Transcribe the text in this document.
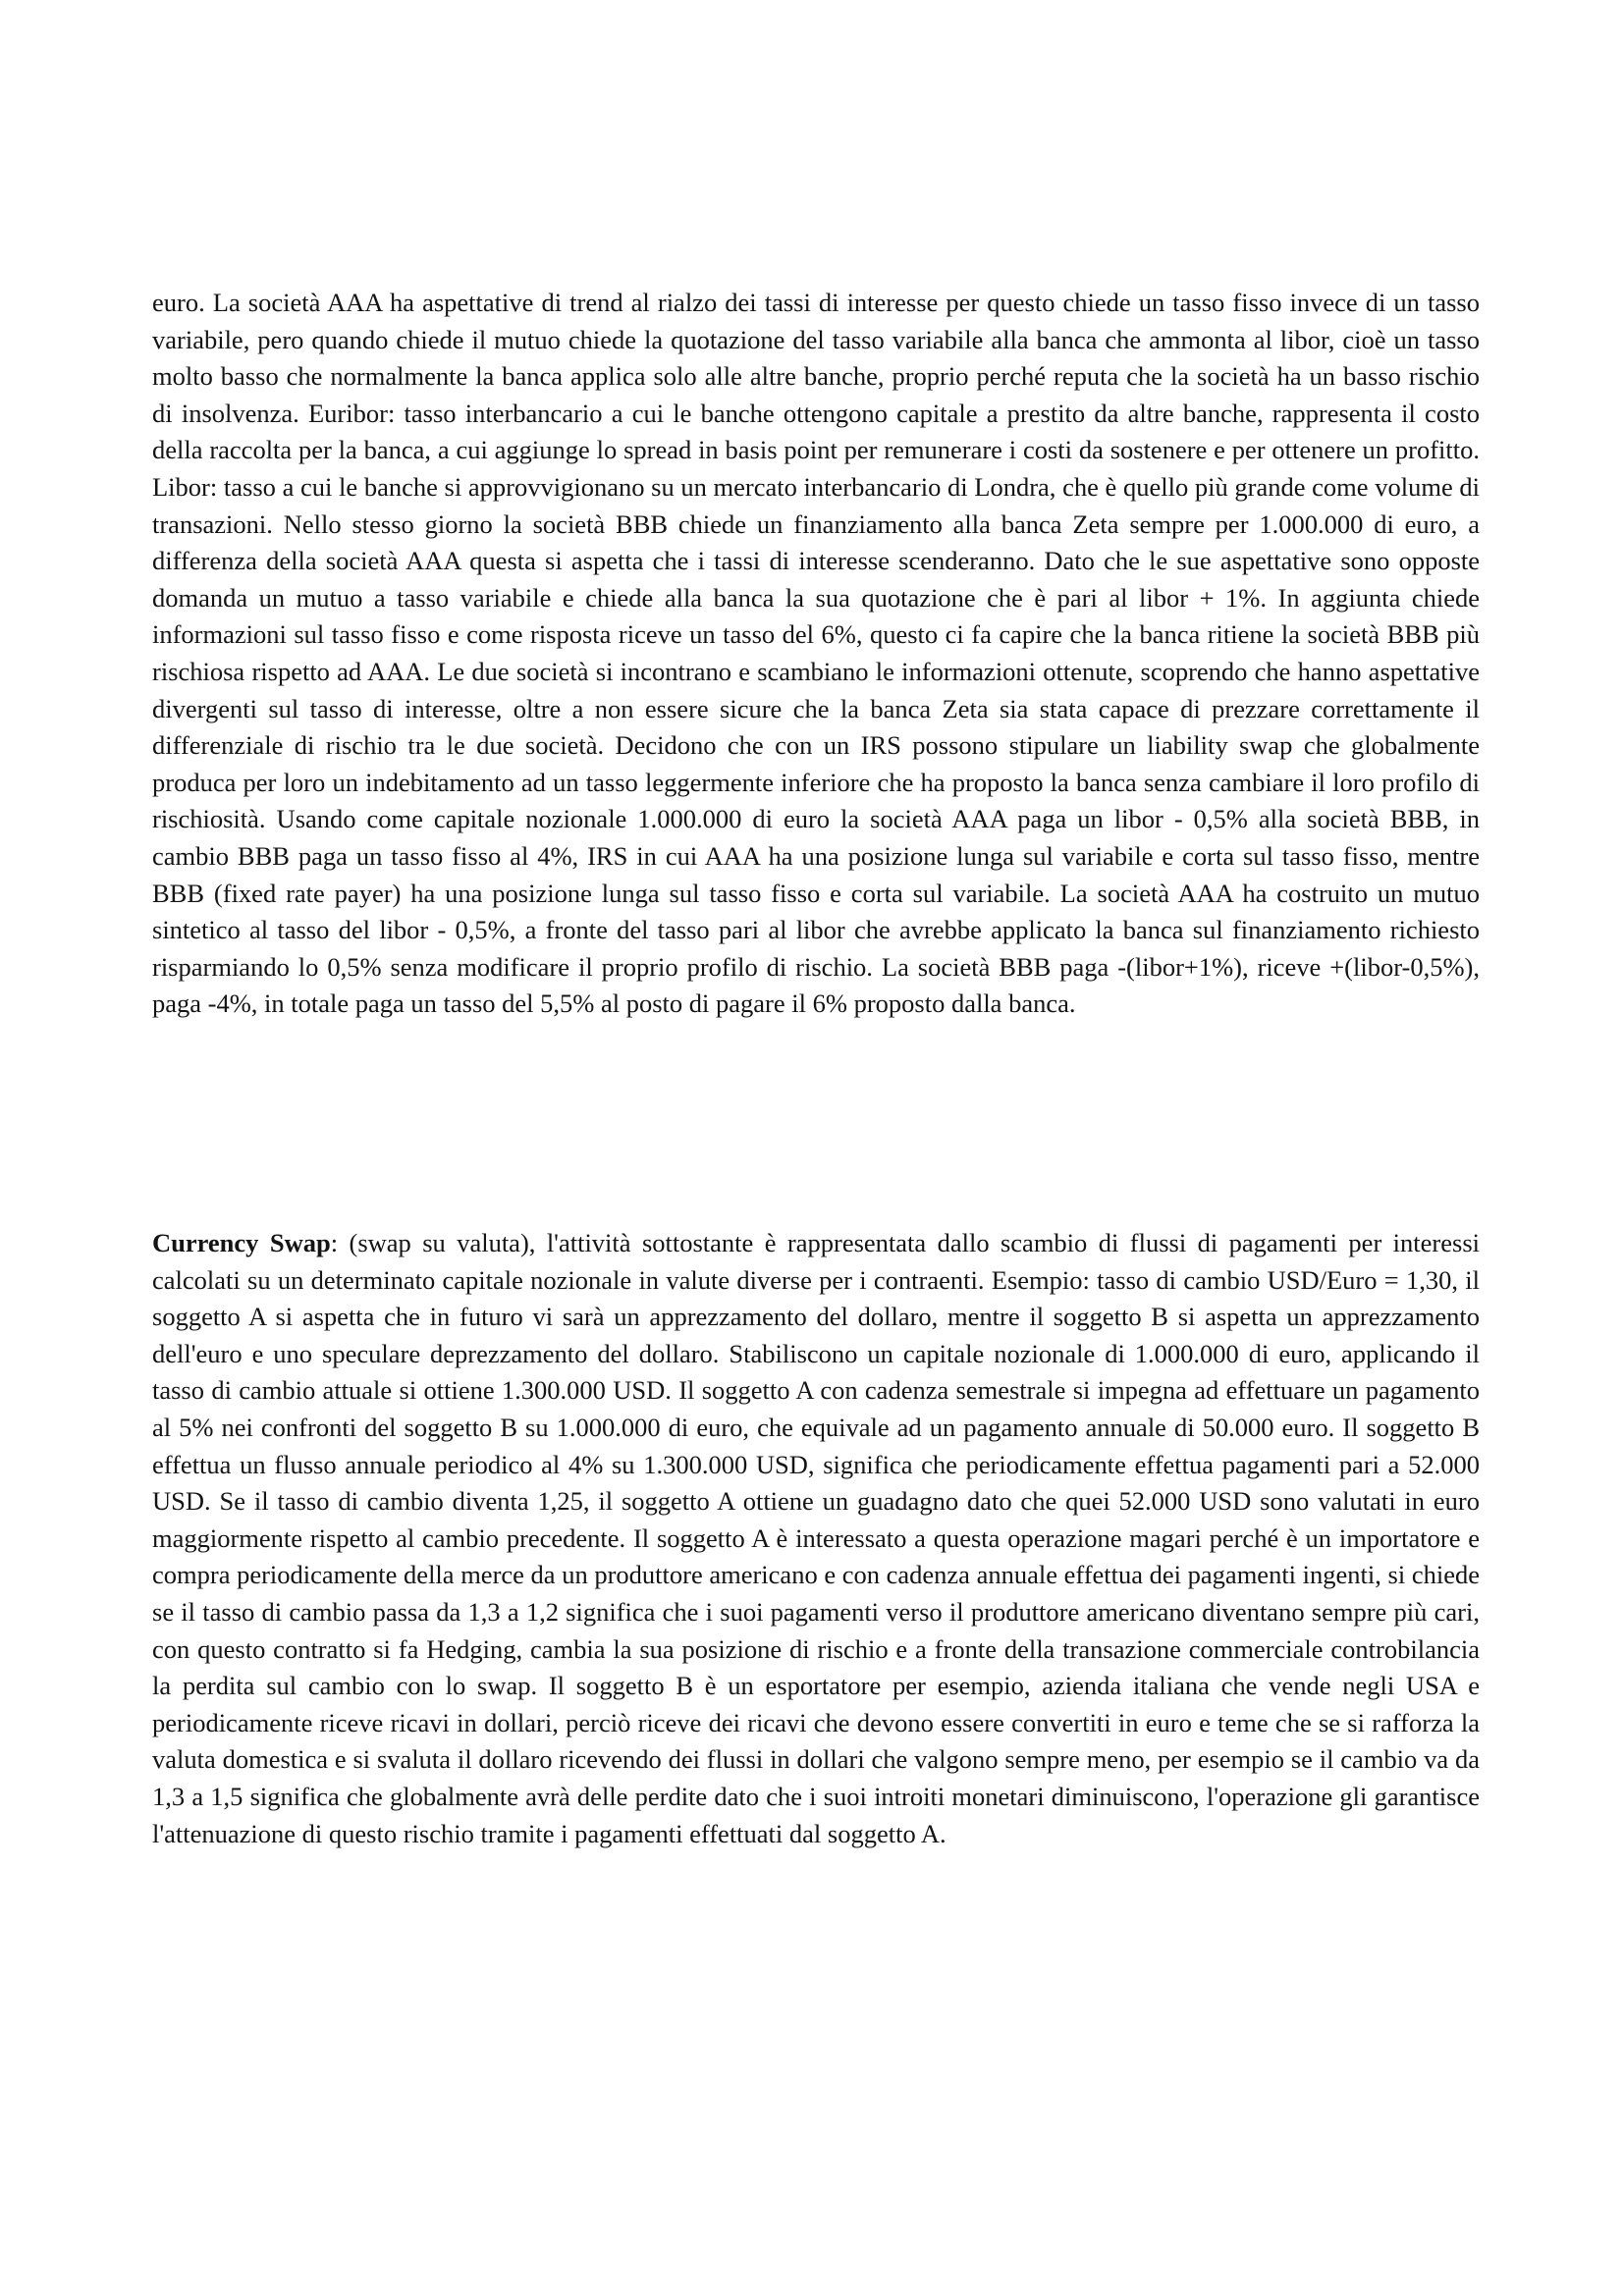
euro. La società AAA ha aspettative di trend al rialzo dei tassi di interesse per questo chiede un tasso fisso invece di un tasso variabile, pero quando chiede il mutuo chiede la quotazione del tasso variabile alla banca che ammonta al libor, cioè un tasso molto basso che normalmente la banca applica solo alle altre banche, proprio perché reputa che la società ha un basso rischio di insolvenza. Euribor: tasso interbancario a cui le banche ottengono capitale a prestito da altre banche, rappresenta il costo della raccolta per la banca, a cui aggiunge lo spread in basis point per remunerare i costi da sostenere e per ottenere un profitto. Libor: tasso a cui le banche si approvvigionano su un mercato interbancario di Londra, che è quello più grande come volume di transazioni. Nello stesso giorno la società BBB chiede un finanziamento alla banca Zeta sempre per 1.000.000 di euro, a differenza della società AAA questa si aspetta che i tassi di interesse scenderanno. Dato che le sue aspettative sono opposte domanda un mutuo a tasso variabile e chiede alla banca la sua quotazione che è pari al libor + 1%. In aggiunta chiede informazioni sul tasso fisso e come risposta riceve un tasso del 6%, questo ci fa capire che la banca ritiene la società BBB più rischiosa rispetto ad AAA. Le due società si incontrano e scambiano le informazioni ottenute, scoprendo che hanno aspettative divergenti sul tasso di interesse, oltre a non essere sicure che la banca Zeta sia stata capace di prezzare correttamente il differenziale di rischio tra le due società. Decidono che con un IRS possono stipulare un liability swap che globalmente produca per loro un indebitamento ad un tasso leggermente inferiore che ha proposto la banca senza cambiare il loro profilo di rischiosità. Usando come capitale nozionale 1.000.000 di euro la società AAA paga un libor - 0,5% alla società BBB, in cambio BBB paga un tasso fisso al 4%, IRS in cui AAA ha una posizione lunga sul variabile e corta sul tasso fisso, mentre BBB (fixed rate payer) ha una posizione lunga sul tasso fisso e corta sul variabile. La società AAA ha costruito un mutuo sintetico al tasso del libor - 0,5%, a fronte del tasso pari al libor che avrebbe applicato la banca sul finanziamento richiesto risparmiando lo 0,5% senza modificare il proprio profilo di rischio. La società BBB paga -(libor+1%), riceve +(libor-0,5%), paga -4%, in totale paga un tasso del 5,5% al posto di pagare il 6% proposto dalla banca.

Currency Swap: (swap su valuta), l'attività sottostante è rappresentata dallo scambio di flussi di pagamenti per interessi calcolati su un determinato capitale nozionale in valute diverse per i contraenti. Esempio: tasso di cambio USD/Euro = 1,30, il soggetto A si aspetta che in futuro vi sarà un apprezzamento del dollaro, mentre il soggetto B si aspetta un apprezzamento dell'euro e uno speculare deprezzamento del dollaro. Stabiliscono un capitale nozionale di 1.000.000 di euro, applicando il tasso di cambio attuale si ottiene 1.300.000 USD. Il soggetto A con cadenza semestrale si impegna ad effettuare un pagamento al 5% nei confronti del soggetto B su 1.000.000 di euro, che equivale ad un pagamento annuale di 50.000 euro. Il soggetto B effettua un flusso annuale periodico al 4% su 1.300.000 USD, significa che periodicamente effettua pagamenti pari a 52.000 USD. Se il tasso di cambio diventa 1,25, il soggetto A ottiene un guadagno dato che quei 52.000 USD sono valutati in euro maggiormente rispetto al cambio precedente. Il soggetto A è interessato a questa operazione magari perché è un importatore e compra periodicamente della merce da un produttore americano e con cadenza annuale effettua dei pagamenti ingenti, si chiede se il tasso di cambio passa da 1,3 a 1,2 significa che i suoi pagamenti verso il produttore americano diventano sempre più cari, con questo contratto si fa Hedging, cambia la sua posizione di rischio e a fronte della transazione commerciale controbilancia la perdita sul cambio con lo swap. Il soggetto B è un esportatore per esempio, azienda italiana che vende negli USA e periodicamente riceve ricavi in dollari, perciò riceve dei ricavi che devono essere convertiti in euro e teme che se si rafforza la valuta domestica e si svaluta il dollaro ricevendo dei flussi in dollari che valgono sempre meno, per esempio se il cambio va da 1,3 a 1,5 significa che globalmente avrà delle perdite dato che i suoi introiti monetari diminuiscono, l'operazione gli garantisce l'attenuazione di questo rischio tramite i pagamenti effettuati dal soggetto A.
